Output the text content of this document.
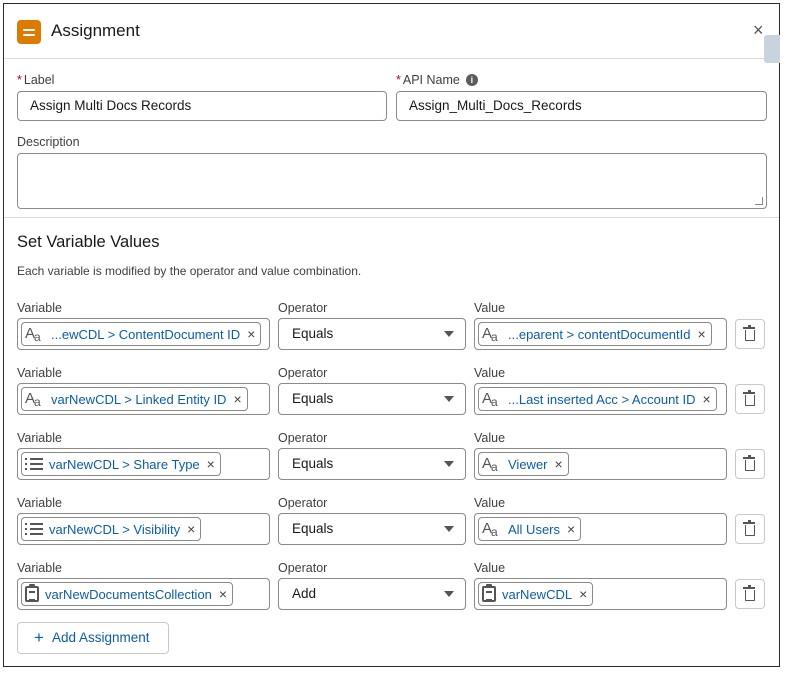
Assignment	×
* Label
Assign Multi Docs Records
* API Name i
Assign_Multi_Docs_Records
Description
Set Variable Values
Each variable is modified by the operator and value combination.
Variable	Operator	Value
$A_a$ ...ewCDL > ContentDocument ID ×	Equals	$A_a$ ...eparent > contentDocumentId ×
Variable	Operator	Value
$A_a$ varNewCDL > Linked Entity ID ×	Equals	$A_a$ ...Last inserted Acc > Account ID ×
Variable	Operator	Value
varNewCDL > Share Type ×	Equals	$A_a$ Viewer ×
Variable	Operator	Value
varNewCDL > Visibility ×	Equals	$A_a$ All Users ×
Variable	Operator	Value
varNewDocumentsCollection ×	Add	varNewCDL ×
+ Add Assignment
